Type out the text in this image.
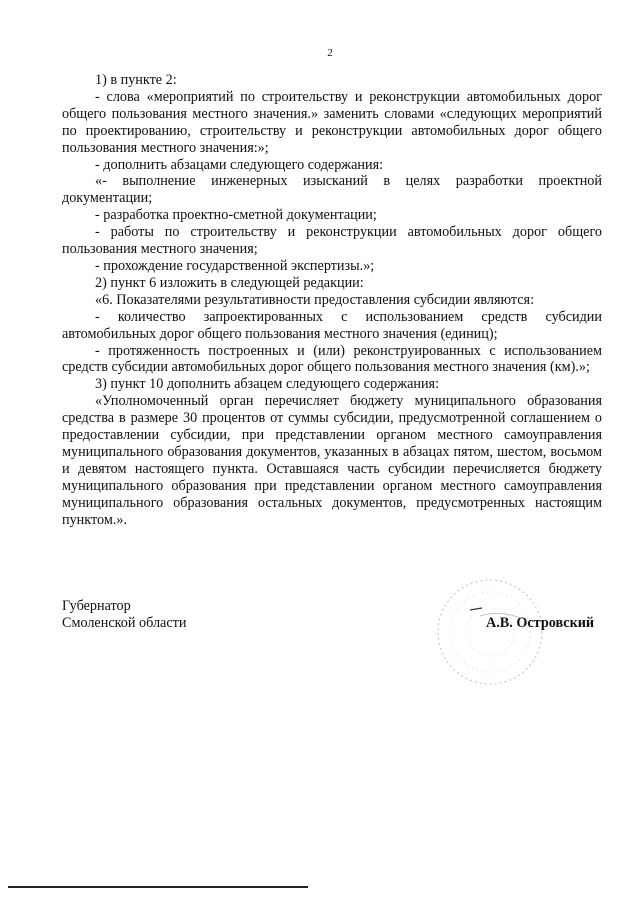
2

1) в пункте 2:

- слова «мероприятий по строительству и реконструкции автомобильных дорог общего пользования местного значения.» заменить словами «следующих мероприятий по проектированию, строительству и реконструкции автомобильных дорог общего пользования местного значения:»;

- дополнить абзацами следующего содержания:

«- выполнение инженерных изысканий в целях разработки проектной документации;

- разработка проектно-сметной документации;

- работы по строительству и реконструкции автомобильных дорог общего пользования местного значения;

- прохождение государственной экспертизы.»;

2) пункт 6 изложить в следующей редакции:

«6. Показателями результативности предоставления субсидии являются:

- количество запроектированных с использованием средств субсидии автомобильных дорог общего пользования местного значения (единиц);

- протяженность построенных и (или) реконструированных с использованием средств субсидии автомобильных дорог общего пользования местного значения (км).»;

3) пункт 10 дополнить абзацем следующего содержания:

«Уполномоченный орган перечисляет бюджету муниципального образования средства в размере 30 процентов от суммы субсидии, предусмотренной соглашением о предоставлении субсидии, при представлении органом местного самоуправления муниципального образования документов, указанных в абзацах пятом, шестом, восьмом и девятом настоящего пункта. Оставшаяся часть субсидии перечисляется бюджету муниципального образования при представлении органом местного самоуправления муниципального образования остальных документов, предусмотренных настоящим пунктом.».

Губернатор
Смоленской области	А.В. Островский
